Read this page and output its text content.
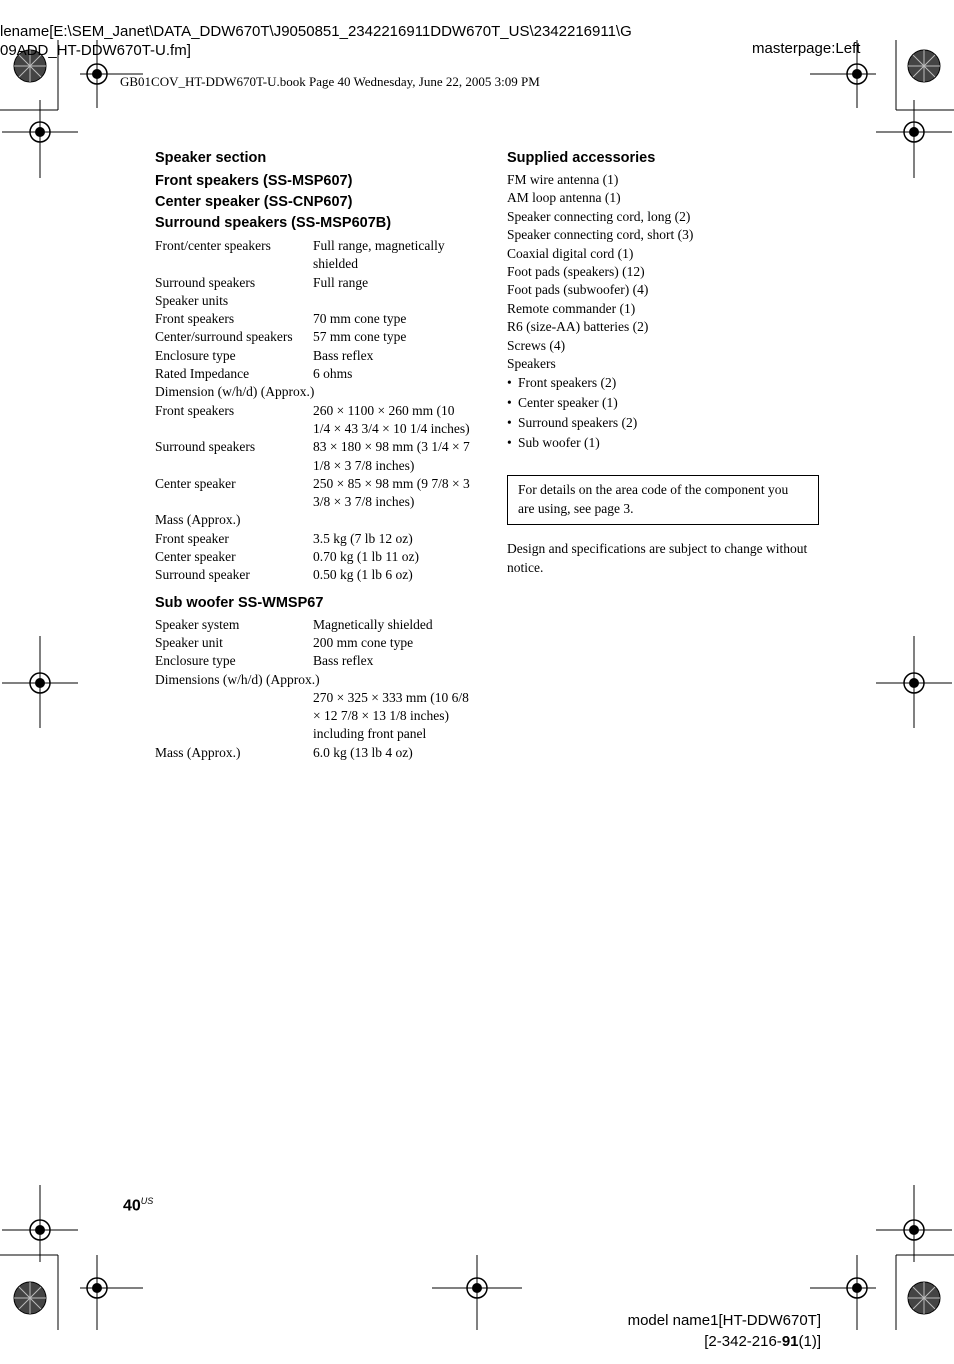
lename[E:\SEM_Janet\DATA_DDW670T\J9050851_2342216911DDW670T_US\2342216911\G
09ADD_HT-DDW670T-U.fm]	masterpage:Left
GB01COV_HT-DDW670T-U.book Page 40 Wednesday, June 22, 2005 3:09 PM

Speaker section

Front speakers (SS-MSP607)

Center speaker (SS-CNP607)

Surround speakers (SS-MSP607B)

Front/center speakers	Full range, magnetically shielded
Surround speakers	Full range
Speaker units
Front speakers	70 mm cone type
Center/surround speakers	57 mm cone type
Enclosure type	Bass reflex
Rated Impedance	6 ohms
Dimension (w/h/d) (Approx.)
Front speakers	260 × 1100 × 260 mm (10 1/4 × 43 3/4 × 10 1/4 inches)
Surround speakers	83 × 180 × 98 mm (3 1/4 × 7 1/8 × 3 7/8 inches)
Center speaker	250 × 85 × 98 mm (9 7/8 × 3 3/8 × 3 7/8 inches)
Mass (Approx.)
Front speaker	3.5 kg (7 lb 12 oz)
Center speaker	0.70 kg (1 lb 11 oz)
Surround speaker	0.50 kg (1 lb 6 oz)

Sub woofer SS-WMSP67

Speaker system	Magnetically shielded
Speaker unit	200 mm cone type
Enclosure type	Bass reflex
Dimensions (w/h/d) (Approx.)
270 × 325 × 333 mm (10 6/8 × 12 7/8 × 13 1/8 inches) including front panel
Mass (Approx.)	6.0 kg (13 lb 4 oz)

Supplied accessories

FM wire antenna (1)
AM loop antenna (1)
Speaker connecting cord, long (2)
Speaker connecting cord, short (3)
Coaxial digital cord (1)
Foot pads (speakers) (12)
Foot pads (subwoofer) (4)
Remote commander (1)
R6 (size-AA) batteries (2)
Screws (4)
Speakers
• Front speakers (2)
• Center speaker (1)
• Surround speakers (2)
• Sub woofer (1)
For details on the area code of the component you are using, see page 3.
Design and specifications are subject to change without notice.
$40^{US}$
model name1[HT-DDW670T]
[2-342-216-91(1)]
